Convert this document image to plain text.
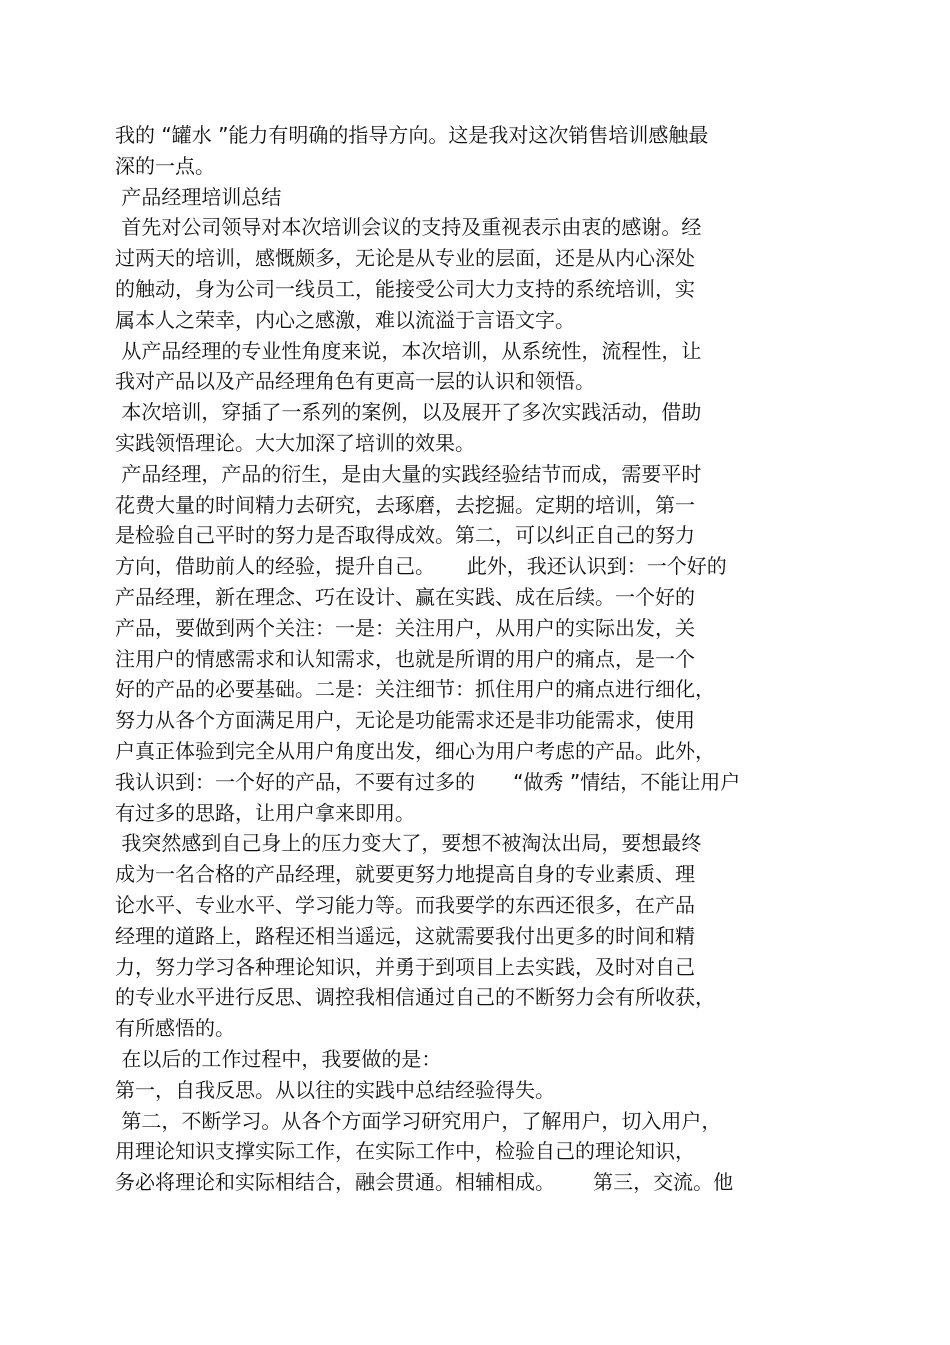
我的 “罐水 ”能力有明确的指导方向。这是我对这次销售培训感触最
深的一点。
产品经理培训总结
首先对公司领导对本次培训会议的支持及重视表示由衷的感谢。经
过两天的培训，感慨颇多，无论是从专业的层面，还是从内心深处
的触动，身为公司一线员工，能接受公司大力支持的系统培训，实
属本人之荣幸，内心之感激，难以流溢于言语文字。
从产品经理的专业性角度来说，本次培训，从系统性，流程性，让
我对产品以及产品经理角色有更高一层的认识和领悟。
本次培训，穿插了一系列的案例，以及展开了多次实践活动，借助
实践领悟理论。大大加深了培训的效果。
产品经理，产品的衍生，是由大量的实践经验结节而成，需要平时
花费大量的时间精力去研究，去琢磨，去挖掘。定期的培训，第一
是检验自己平时的努力是否取得成效。第二，可以纠正自己的努力
方向，借助前人的经验，提升自己。     此外，我还认识到：一个好的
产品经理，新在理念、巧在设计、赢在实践、成在后续。一个好的
产品，要做到两个关注：一是：关注用户，从用户的实际出发，关
注用户的情感需求和认知需求，也就是所谓的用户的痛点，是一个
好的产品的必要基础。二是：关注细节：抓住用户的痛点进行细化，
努力从各个方面满足用户，无论是功能需求还是非功能需求，使用
户真正体验到完全从用户角度出发，细心为用户考虑的产品。此外，
我认识到：一个好的产品，不要有过多的      “做秀 ”情结，不能让用户
有过多的思路，让用户拿来即用。
我突然感到自己身上的压力变大了，要想不被淘汰出局，要想最终
成为一名合格的产品经理，就要更努力地提高自身的专业素质、理
论水平、专业水平、学习能力等。而我要学的东西还很多，在产品
经理的道路上，路程还相当遥远，这就需要我付出更多的时间和精
力，努力学习各种理论知识，并勇于到项目上去实践，及时对自己
的专业水平进行反思、调控我相信通过自己的不断努力会有所收获，
有所感悟的。
在以后的工作过程中，我要做的是：
第一，自我反思。从以往的实践中总结经验得失。
第二，不断学习。从各个方面学习研究用户，了解用户，切入用户，
用理论知识支撑实际工作，在实际工作中，检验自己的理论知识，
务必将理论和实际相结合，融会贯通。相辅相成。      第三，交流。他
